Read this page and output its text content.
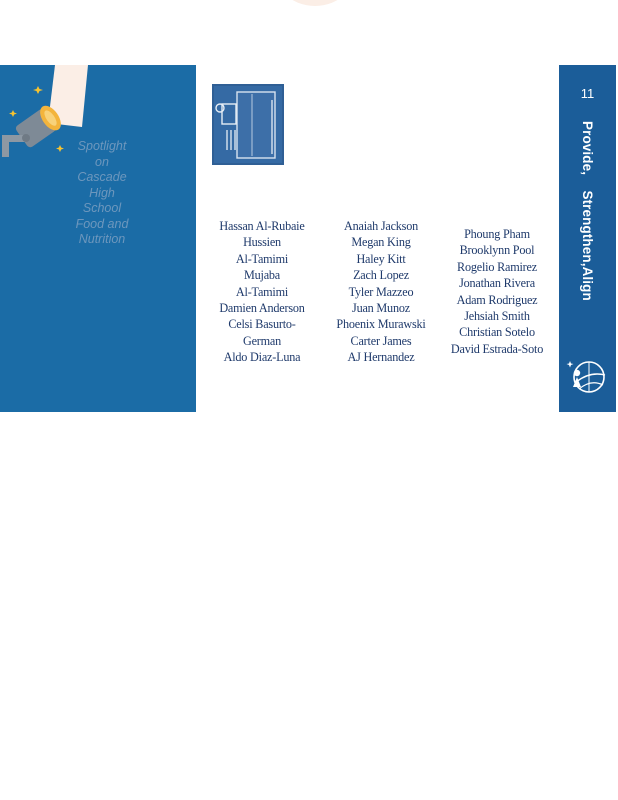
Spotlight
on
Cascade
High
School
Food and
Nutrition
Hassan Al-Rubaie
Hussien
Al-Tamimi
Mujaba
Al-Tamimi
Damien Anderson
Celsi Basurto-
German
Aldo Diaz-Luna
Anaiah Jackson
Megan King
Haley Kitt
Zach Lopez
Tyler Mazzeo
Juan Munoz
Phoenix Murawski
Carter James
AJ Hernandez
Phoung Pham
Brooklynn Pool
Rogelio Ramirez
Jonathan Rivera
Adam Rodriguez
Jehsiah Smith
Christian Sotelo
David Estrada-Soto
11
Provide,    Strengthen,Align
